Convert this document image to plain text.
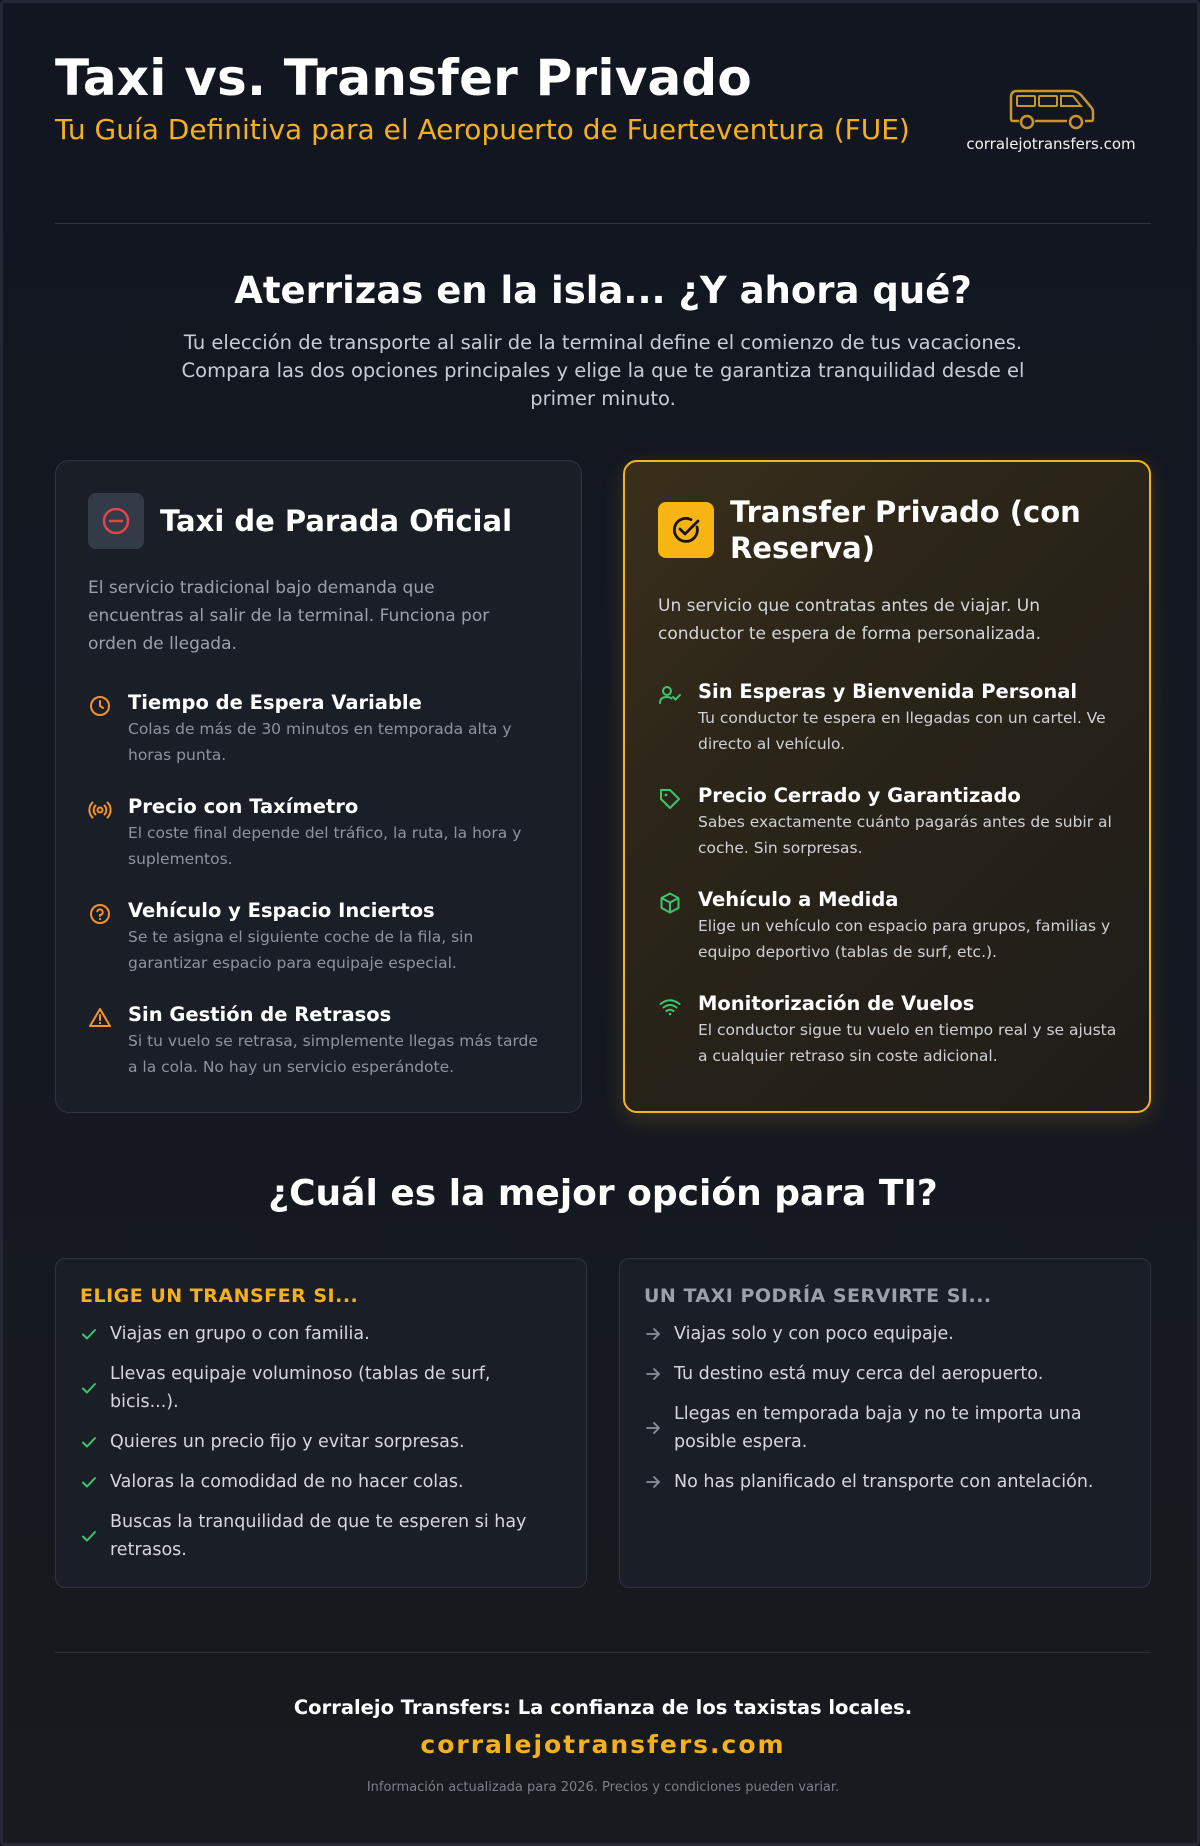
Taxi vs. Transfer Privado
Tu Guía Definitiva para el Aeropuerto de Fuerteventura (FUE)	corralejotransfers.com
Aterrizas en la isla... ¿Y ahora qué?
Tu elección de transporte al salir de la terminal define el comienzo de tus vacaciones. Compara las dos opciones principales y elige la que te garantiza tranquilidad desde el primer minuto.
Taxi de Parada Oficial
El servicio tradicional bajo demanda que encuentras al salir de la terminal. Funciona por orden de llegada.
Tiempo de Espera Variable
Colas de más de 30 minutos en temporada alta y horas punta.
Precio con Taxímetro
El coste final depende del tráfico, la ruta, la hora y suplementos.
Vehículo y Espacio Inciertos
Se te asigna el siguiente coche de la fila, sin garantizar espacio para equipaje especial.
Sin Gestión de Retrasos
Si tu vuelo se retrasa, simplemente llegas más tarde a la cola. No hay un servicio esperándote.
Transfer Privado (con Reserva)
Un servicio que contratas antes de viajar. Un conductor te espera de forma personalizada.
Sin Esperas y Bienvenida Personal
Tu conductor te espera en llegadas con un cartel. Ve directo al vehículo.
Precio Cerrado y Garantizado
Sabes exactamente cuánto pagarás antes de subir al coche. Sin sorpresas.
Vehículo a Medida
Elige un vehículo con espacio para grupos, familias y equipo deportivo (tablas de surf, etc.).
Monitorización de Vuelos
El conductor sigue tu vuelo en tiempo real y se ajusta a cualquier retraso sin coste adicional.
¿Cuál es la mejor opción para TI?
ELIGE UN TRANSFER SI...
Viajas en grupo o con familia.
Llevas equipaje voluminoso (tablas de surf, bicis...).
Quieres un precio fijo y evitar sorpresas.
Valoras la comodidad de no hacer colas.
Buscas la tranquilidad de que te esperen si hay retrasos.
UN TAXI PODRÍA SERVIRTE SI...
Viajas solo y con poco equipaje.
Tu destino está muy cerca del aeropuerto.
Llegas en temporada baja y no te importa una posible espera.
No has planificado el transporte con antelación.
Corralejo Transfers: La confianza de los taxistas locales.
corralejotransfers.com
Información actualizada para 2026. Precios y condiciones pueden variar.
